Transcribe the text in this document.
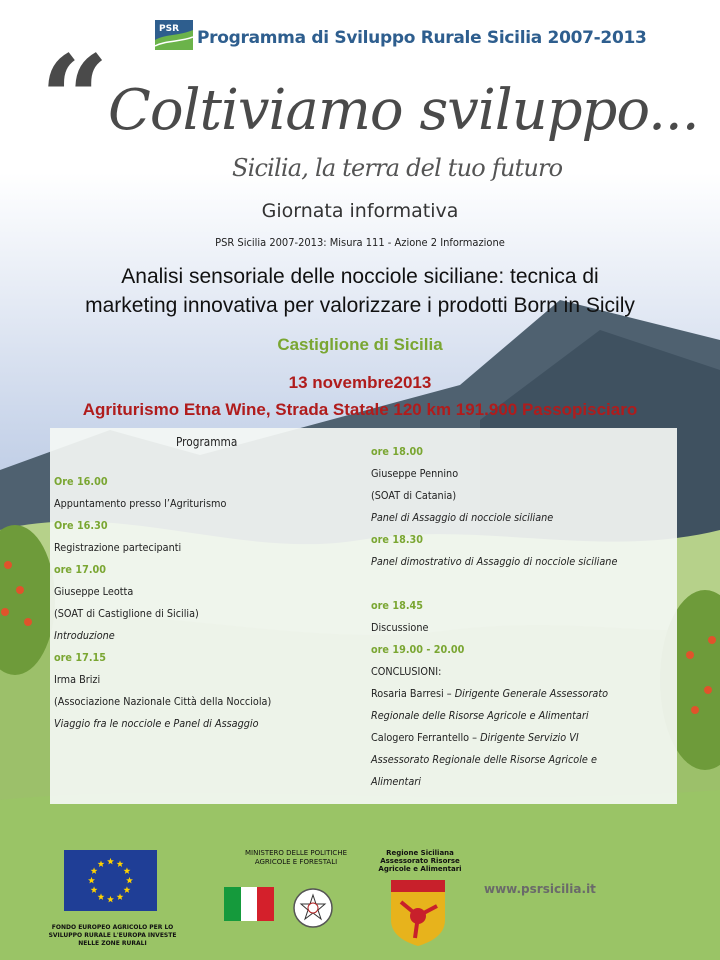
PSR Programma di Sviluppo Rurale Sicilia 2007-2013
“
Coltiviamo sviluppo...
Sicilia, la terra del tuo futuro
Giornata informativa
PSR Sicilia 2007-2013: Misura 111 - Azione 2 Informazione
Analisi sensoriale delle nocciole siciliane: tecnica di
marketing innovativa per valorizzare i prodotti Born in Sicily
Castiglione di Sicilia
13 novembre2013
Agriturismo Etna Wine, Strada Statale 120 km 191.900 Passopisciaro
Programma
Ore 16.00
Appuntamento presso l’Agriturismo
Ore 16.30
Registrazione partecipanti
ore 17.00
Giuseppe Leotta
(SOAT di Castiglione di Sicilia)
Introduzione
ore 17.15
Irma Brizi
(Associazione Nazionale Città della Nocciola)
Viaggio fra le nocciole e Panel di Assaggio
ore 18.00
Giuseppe Pennino
(SOAT di Catania)
Panel di Assaggio di nocciole siciliane
ore 18.30
Panel dimostrativo di Assaggio di nocciole siciliane
ore 18.45
Discussione
ore 19.00 - 20.00
CONCLUSIONI:
Rosaria Barresi – Dirigente Generale Assessorato
Regionale delle Risorse Agricole e Alimentari
Calogero Ferrantello – Dirigente Servizio VI
Assessorato Regionale delle Risorse Agricole e
Alimentari
FONDO EUROPEO AGRICOLO PER LO SVILUPPO RURALE L'EUROPA INVESTE NELLE ZONE RURALI
MINISTERO DELLE POLITICHE AGRICOLE E FORESTALI
Regione Siciliana Assessorato Risorse Agricole e Alimentari
www.psrsicilia.it
